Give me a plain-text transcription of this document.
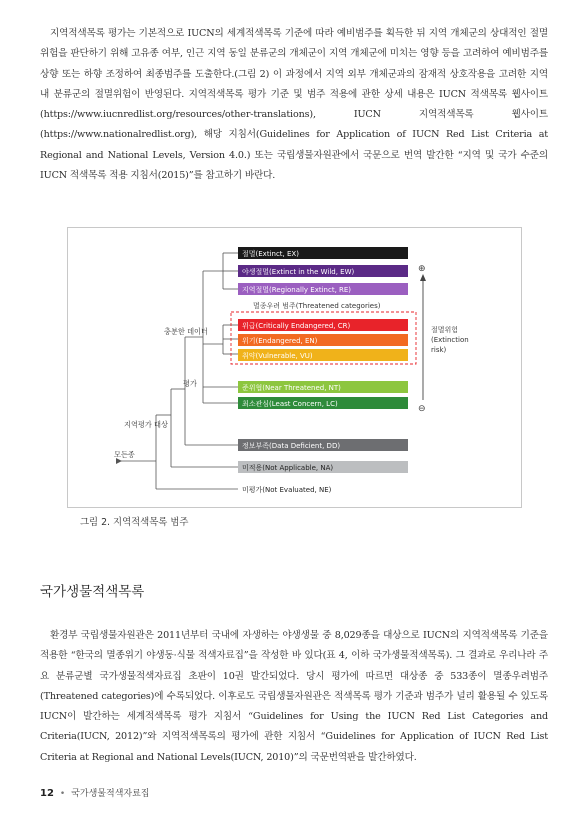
지역적색목록 평가는 기본적으로 IUCN의 세계적색목록 기준에 따라 예비범주를 획득한 뒤 지역 개체군의 상대적인 절멸위험을 판단하기 위해 고유종 여부, 인근 지역 동일 분류군의 개체군이 지역 개체군에 미치는 영향 등을 고려하여 예비범주를 상향 또는 하향 조정하여 최종범주를 도출한다.(그림 2) 이 과정에서 지역 외부 개체군과의 잠재적 상호작용을 고려한 지역 내 분류군의 절멸위험이 반영된다. 지역적색목록 평가 기준 및 범주 적용에 관한 상세 내용은 IUCN 적색목록 웹사이트(https://www.iucnredlist.org/resources/other-translations), IUCN 지역적색목록 웹사이트(https://www.nationalredlist.org), 해당 지침서(Guidelines for Application of IUCN Red List Criteria at Regional and National Levels, Version 4.0.) 또는 국립생물자원관에서 국문으로 번역 발간한 “지역 및 국가 수준의 IUCN 적색목록 적용 지침서(2015)”를 참고하기 바란다.

절멸(Extinct, EX)
야생절멸(Extinct in the Wild, EW)
지역절멸(Regionally Extinct, RE)
멸종우려 범주(Threatened categories)
위급(Critically Endangered, CR)
위기(Endangered, EN)
취약(Vulnerable, VU)
준위협(Near Threatened, NT)
최소관심(Least Concern, LC)
정보부족(Data Deficient, DD)
미적용(Not Applicable, NA)
미평가(Not Evaluated, NE)
모든종
지역평가 대상
평가
충분한 데이터
⊕
⊖
절멸위험
(Extinction
risk)
그림 2. 지역적색목록 범주
국가생물적색목록

환경부 국립생물자원관은 2011년부터 국내에 자생하는 야생생물 중 8,029종을 대상으로 IUCN의 지역적색목록 기준을 적용한 “한국의 멸종위기 야생동·식물 적색자료집”을 작성한 바 있다(표 4, 이하 국가생물적색목록). 그 결과로 우리나라 주요 분류군별 국가생물적색자료집 초판이 10권 발간되었다. 당시 평가에 따르면 대상종 중 533종이 멸종우려범주(Threatened categories)에 수록되었다. 이후로도 국립생물자원관은 적색목록 평가 기준과 범주가 널리 활용될 수 있도록 IUCN이 발간하는 세계적색목록 평가 지침서 “Guidelines for Using the IUCN Red List Categories and Criteria(IUCN, 2012)”와 지역적색목록의 평가에 관한 지침서 “Guidelines for Application of IUCN Red List Criteria at Regional and National Levels(IUCN, 2010)”의 국문번역판을 발간하였다.

12 • 국가생물적색자료집
